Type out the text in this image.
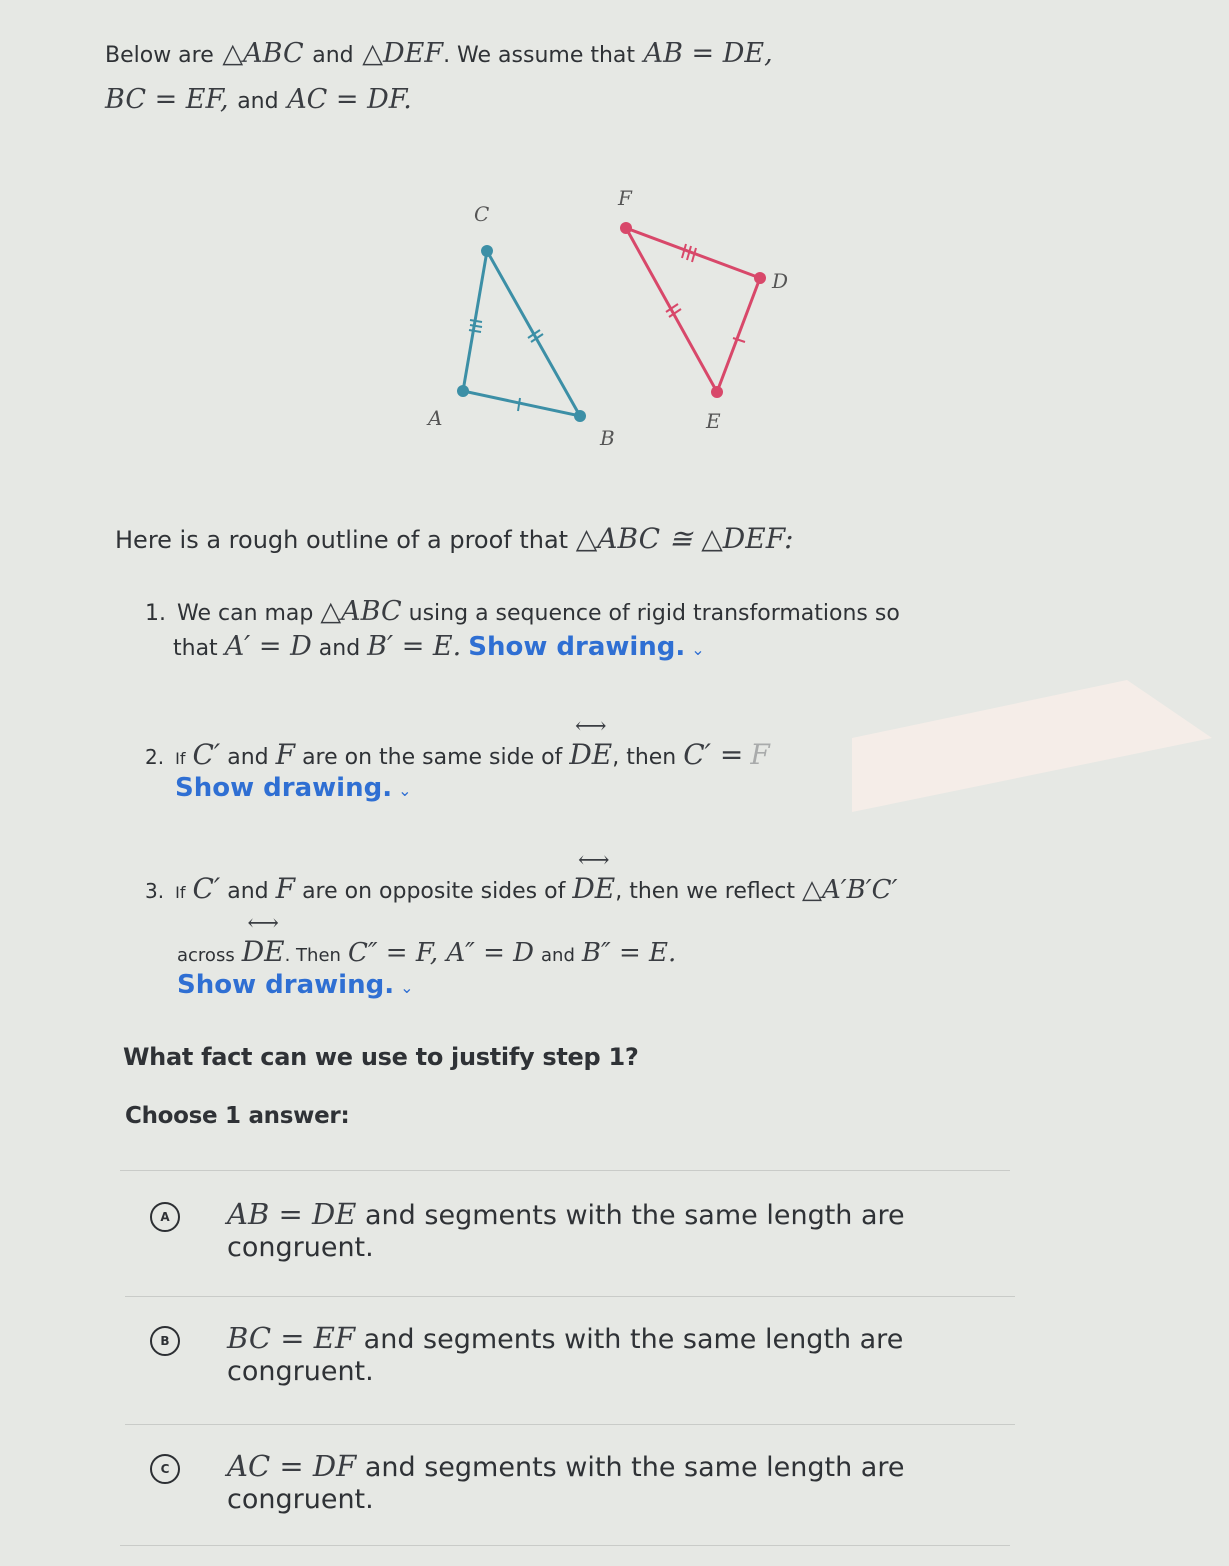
Below are △ABC and △DEF. We assume that AB = DE,
BC = EF, and AC = DF.
C
A
B
F
D
E
Here is a rough outline of a proof that △ABC ≅ △DEF:
1. We can map △ABC using a sequence of rigid transformations so
that A′ = D and B′ = E. Show drawing. ⌄
2. If C′ and F are on the same side of ⟷ DE, then C′ = F
Show drawing. ⌄
3. If C′ and F are on opposite sides of ⟷ DE, then we reflect △A′B′C′
across ⟷ DE. Then C″ = F, A″ = D and B″ = E.
Show drawing. ⌄
What fact can we use to justify step 1?
Choose 1 answer:
A AB = DE and segments with the same length are
congruent.
B BC = EF and segments with the same length are
congruent.
C AC = DF and segments with the same length are
congruent.
